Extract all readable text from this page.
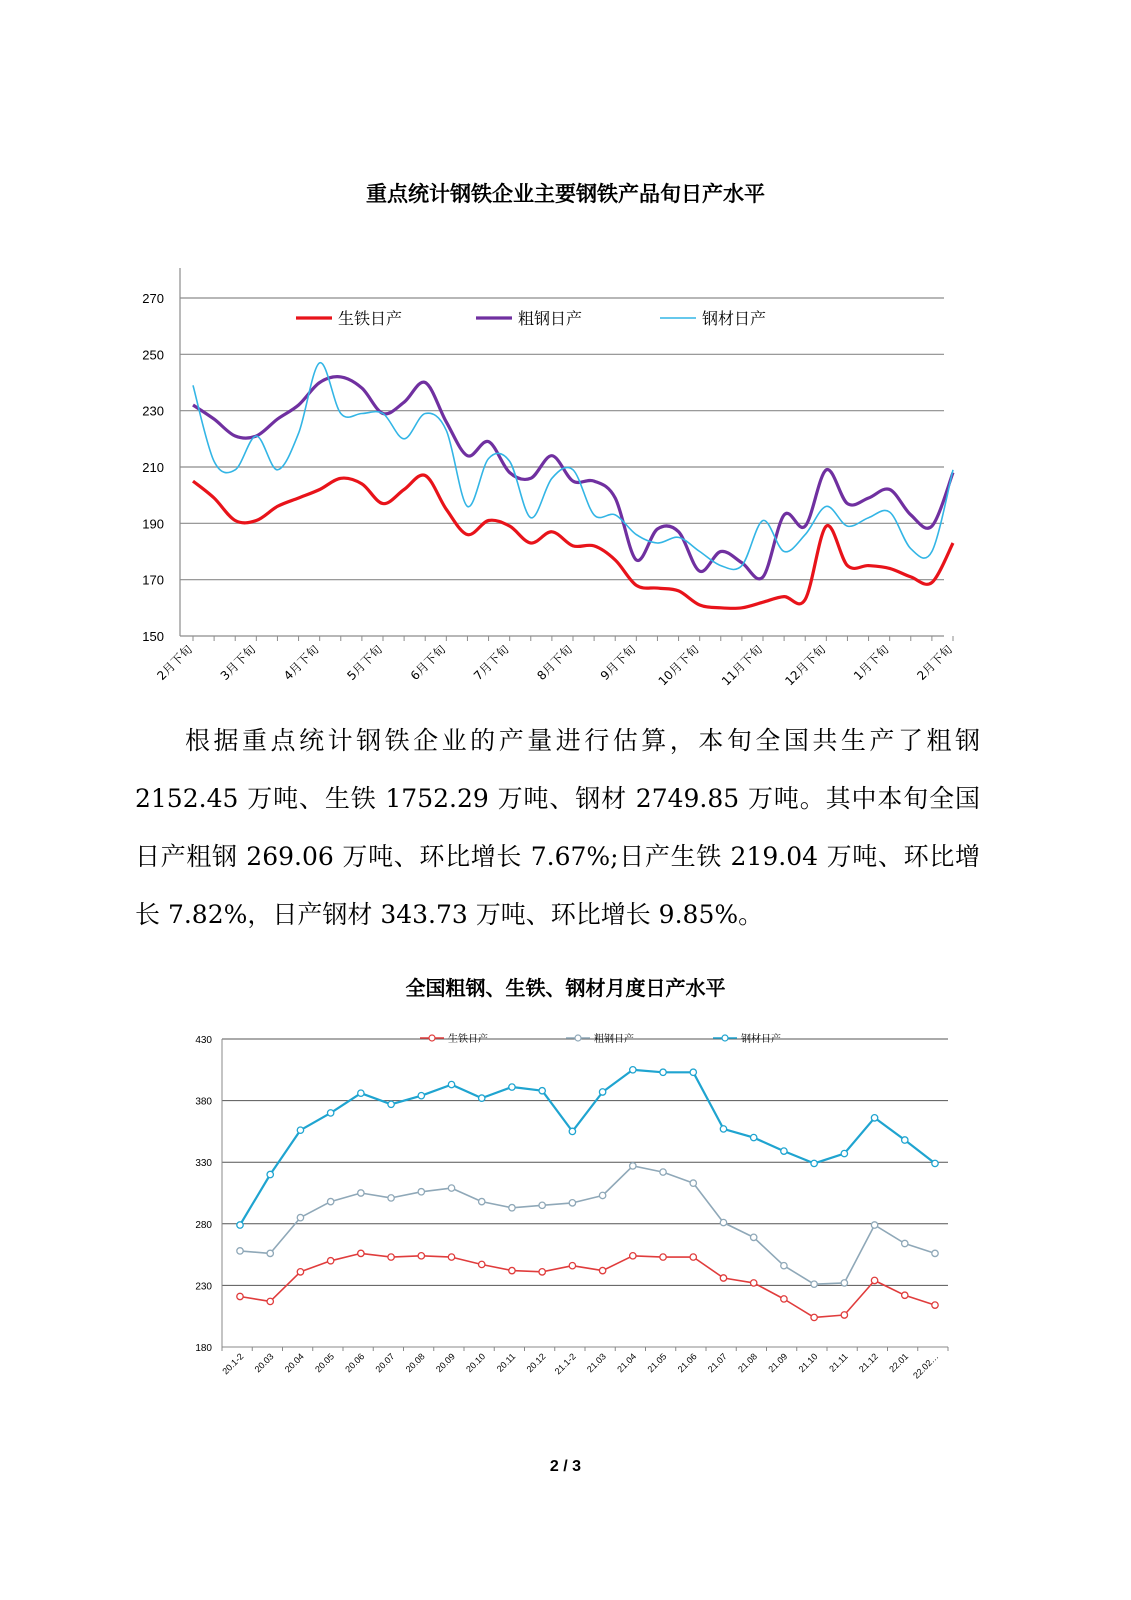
重点统计钢铁企业主要钢铁产品旬日产水平
150
170
190
210
230
250
270
2月下旬 3月下旬 4月下旬 5月下旬 6月下旬 7月下旬 8月下旬 9月下旬 10月下旬 11月下旬 12月下旬 1月下旬 2月下旬
生铁日产	粗钢日产	钢材日产

根据重点统计钢铁企业的产量进行估算，本旬全国共生产了粗钢 2152.45 万吨、生铁 1752.29 万吨、钢材 2749.85 万吨。其中本旬全国日产粗钢 269.06 万吨、环比增长 7.67%;日产生铁 219.04 万吨、环比增长 7.82%，日产钢材 343.73 万吨、环比增长 9.85%。

全国粗钢、生铁、钢材月度日产水平
180
230
280
330
380
430
20.1-2 20.03 20.04 20.05 20.06 20.07 20.08 20.09 20.10 20.11 20.12 21.1-2 21.03 21.04 21.05 21.06 21.07 21.08 21.09 21.10 21.11 21.12 22.01 22.02…
生铁日产	粗钢日产	钢材日产
2 / 3
